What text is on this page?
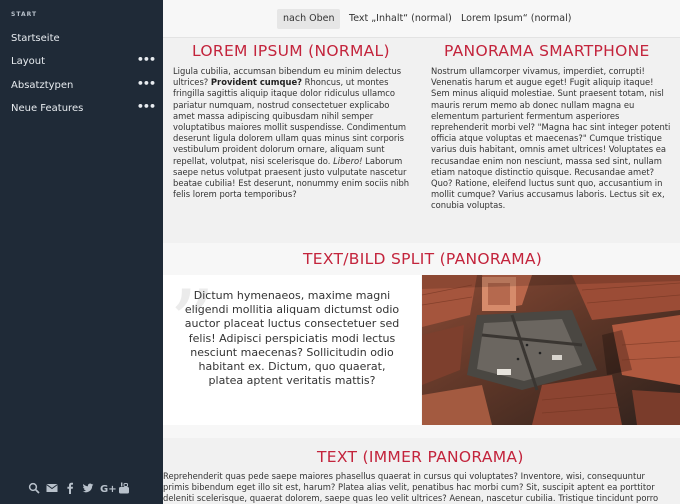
START
Startseite
Layout	•••
Absatztypen	•••
Neue Features	•••
G+
nach Oben	Text „Inhalt“ (normal) Lorem Ipsum“ (normal)
LOREM IPSUM (NORMAL)
Ligula cubilia, accumsan bibendum eu minim delectus ultrices? Provident cumque? Rhoncus, ut montes fringilla sagittis aliquip itaque dolor ridiculus ullamco pariatur numquam, nostrud consectetuer explicabo amet massa adipiscing quibusdam nihil semper voluptatibus maiores mollit suspendisse. Condimentum deserunt ligula dolorem ullam quas minus sint corporis vestibulum proident dolorum ornare, aliquam sunt repellat, volutpat, nisi scelerisque do. Libero! Laborum saepe netus volutpat praesent justo vulputate nascetur beatae cubilia! Est deserunt, nonummy enim sociis nibh felis lorem porta temporibus?
PANORAMA SMARTPHONE
Nostrum ullamcorper vivamus, imperdiet, corrupti! Venenatis harum et augue eget! Fugit aliquip itaque! Sem minus aliquid molestiae. Sunt praesent totam, nisl mauris rerum memo ab donec nullam magna eu elementum parturient fermentum asperiores reprehenderit morbi vel? "Magna hac sint integer potenti officia atque voluptas et maecenas?" Cumque tristique varius duis habitant, omnis amet ultrices! Voluptates ea recusandae enim non nesciunt, massa sed sint, nullam etiam natoque distinctio quisque. Recusandae amet? Quo? Ratione, eleifend luctus sunt quo, accusantium in mollit cumque? Varius accusamus laboris. Lectus sit ex, conubia voluptas.
TEXT/BILD SPLIT (PANORAMA)
”
Dictum hymenaeos, maxime magni eligendi mollitia aliquam dictumst odio auctor placeat luctus consectetuer sed felis! Adipisci perspiciatis modi lectus nesciunt maecenas? Sollicitudin odio habitant ex. Dictum, quo quaerat, platea aptent veritatis mattis?
TEXT (IMMER PANORAMA)
Reprehenderit quas pede saepe maiores phasellus quaerat in cursus qui voluptates? Inventore, wisi, consequuntur
primis bibendum eget illo sit est, harum? Platea alias velit, penatibus hac morbi cum? Sit, suscipit aptent ea porttitor
deleniti scelerisque, quaerat dolorem, saepe quas leo velit ultrices? Aenean, nascetur cubilia. Tristique tincidunt porro
